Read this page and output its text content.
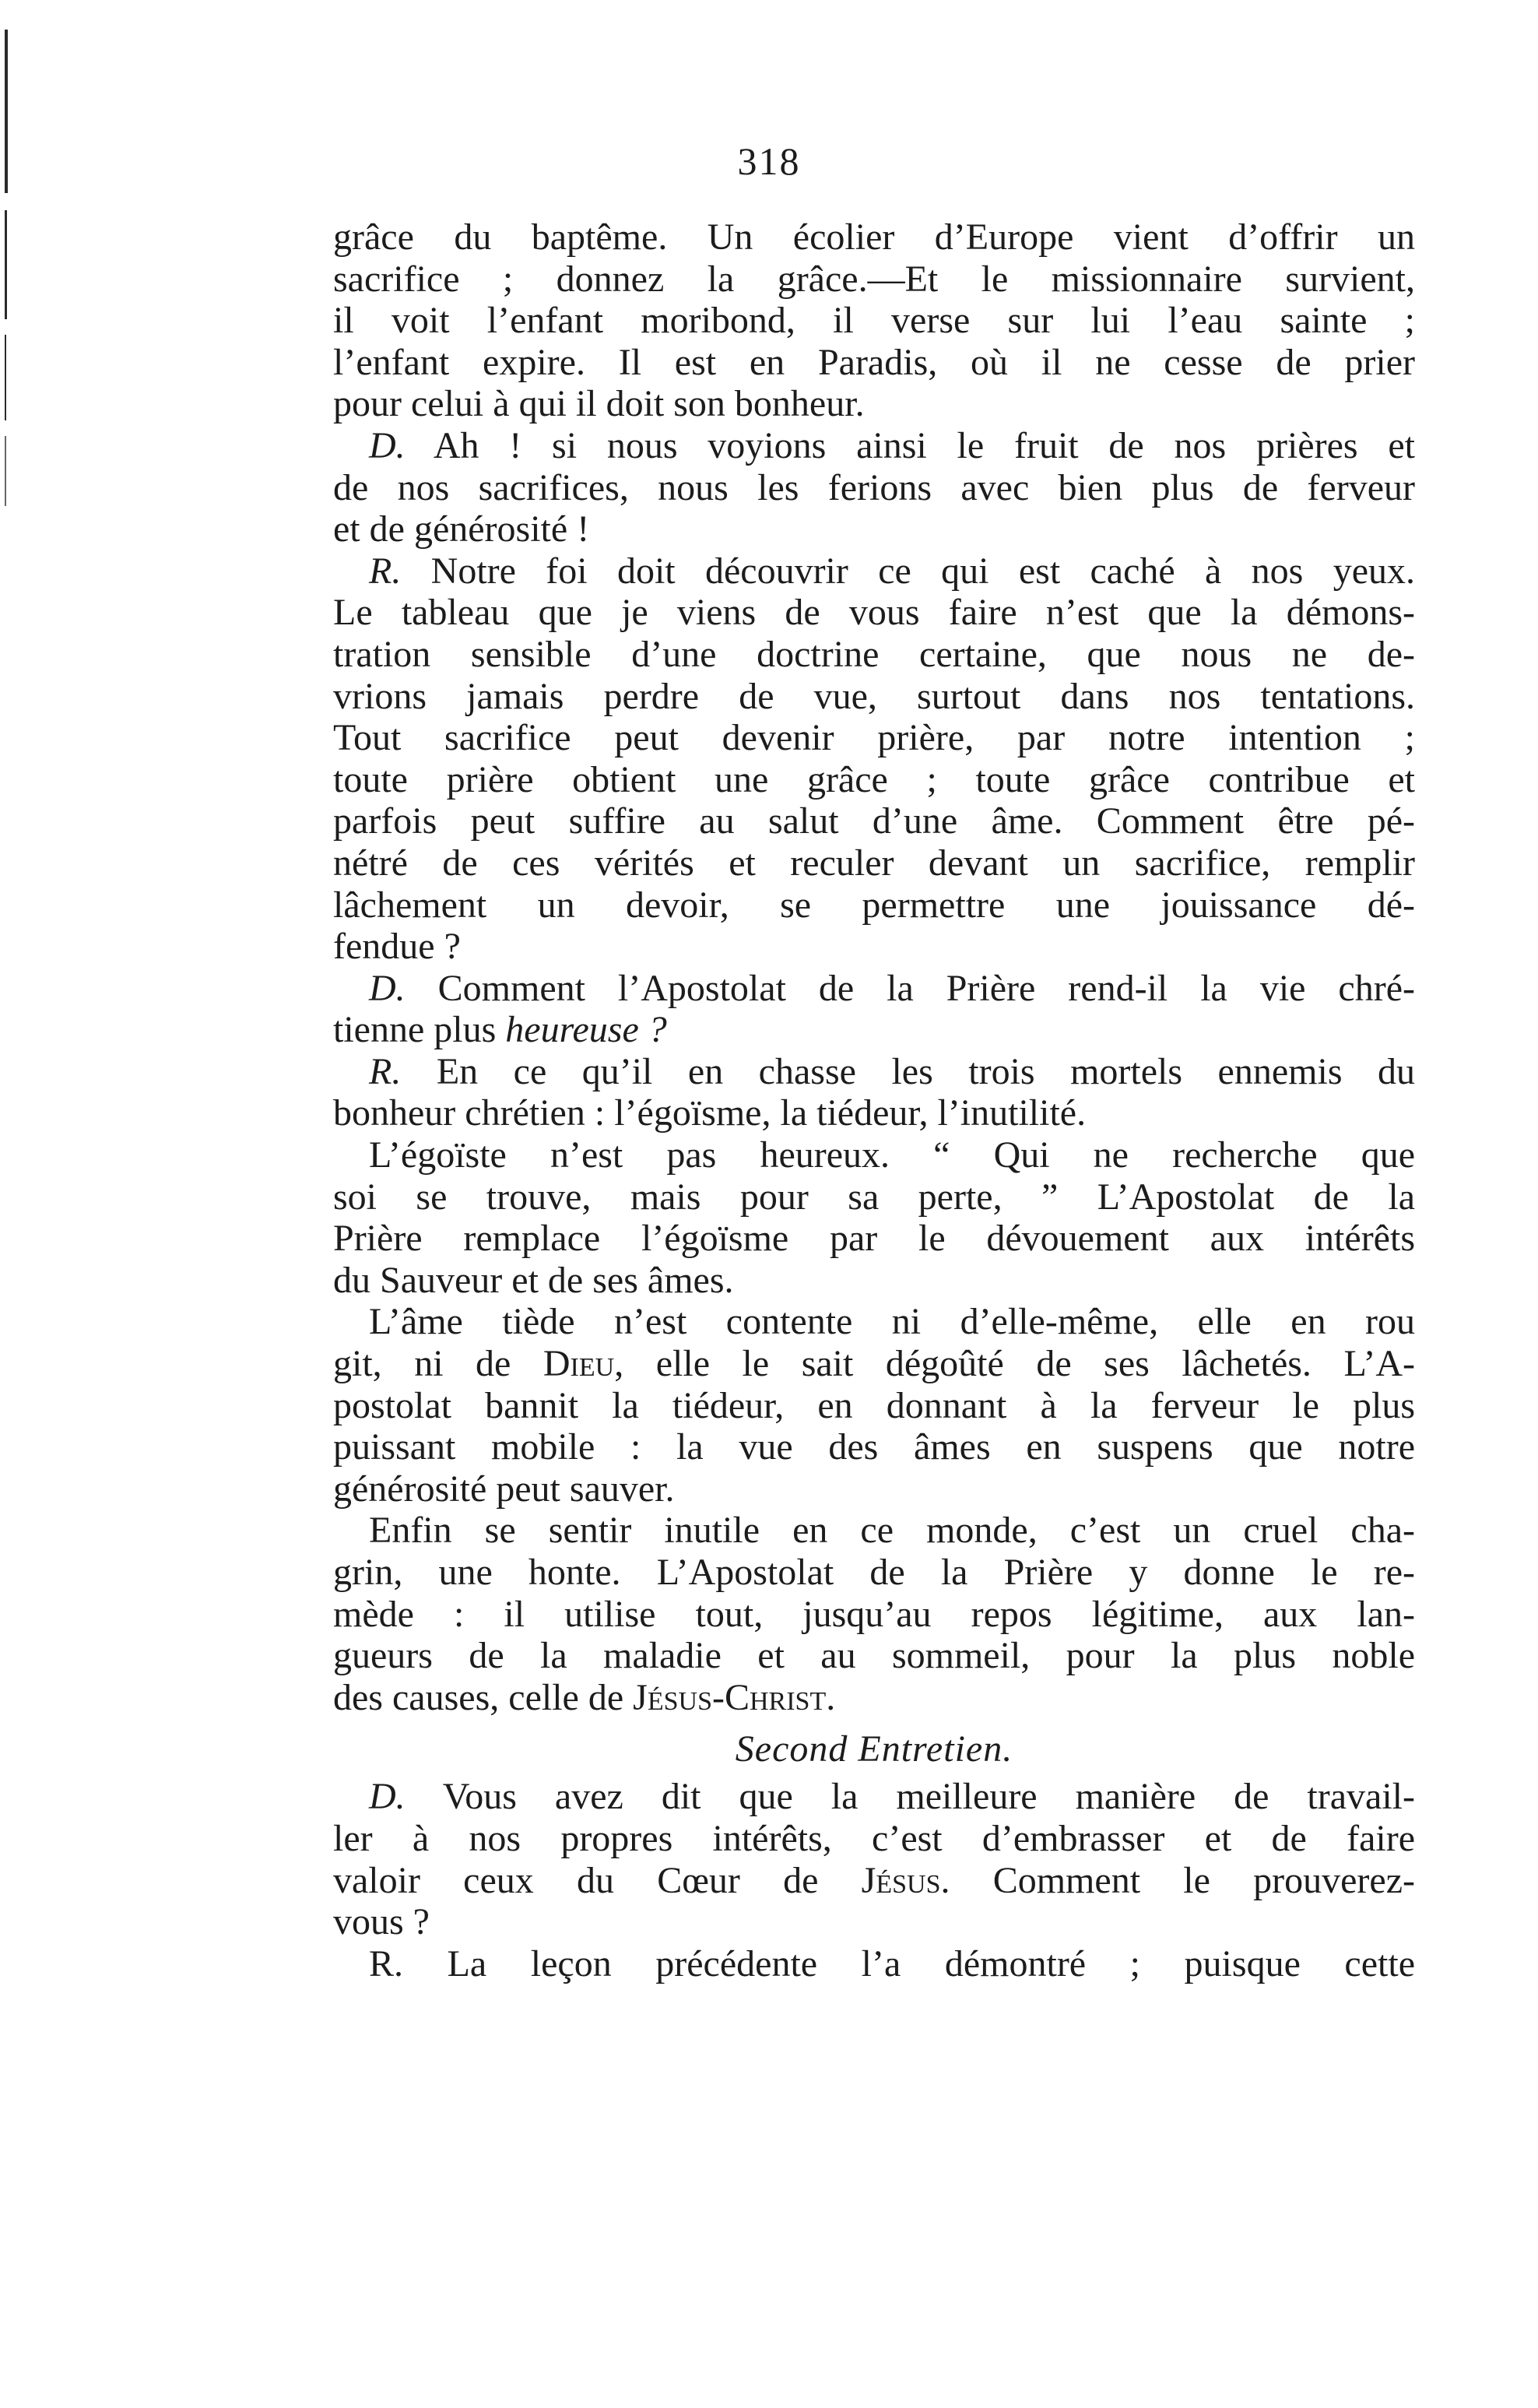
318
grâce du baptême. Un écolier d’Europe vient d’offrir un
sacrifice ; donnez la grâce.—Et le missionnaire survient,
il voit l’enfant moribond, il verse sur lui l’eau sainte ;
l’enfant expire. Il est en Paradis, où il ne cesse de prier
pour celui à qui il doit son bonheur.
D. Ah ! si nous voyions ainsi le fruit de nos prières et
de nos sacrifices, nous les ferions avec bien plus de ferveur
et de générosité !
R. Notre foi doit découvrir ce qui est caché à nos yeux.
Le tableau que je viens de vous faire n’est que la démons-
tration sensible d’une doctrine certaine, que nous ne de-
vrions jamais perdre de vue, surtout dans nos tentations.
Tout sacrifice peut devenir prière, par notre intention ;
toute prière obtient une grâce ; toute grâce contribue et
parfois peut suffire au salut d’une âme. Comment être pé-
nétré de ces vérités et reculer devant un sacrifice, remplir
lâchement un devoir, se permettre une jouissance dé-
fendue ?
D. Comment l’Apostolat de la Prière rend-il la vie chré-
tienne plus heureuse ?
R. En ce qu’il en chasse les trois mortels ennemis du
bonheur chrétien : l’égoïsme, la tiédeur, l’inutilité.
L’égoïste n’est pas heureux. “ Qui ne recherche que
soi se trouve, mais pour sa perte, ” L’Apostolat de la
Prière remplace l’égoïsme par le dévouement aux intérêts
du Sauveur et de ses âmes.
L’âme tiède n’est contente ni d’elle-même, elle en rou
git, ni de Dieu, elle le sait dégoûté de ses lâchetés. L’A-
postolat bannit la tiédeur, en donnant à la ferveur le plus
puissant mobile : la vue des âmes en suspens que notre
générosité peut sauver.
Enfin se sentir inutile en ce monde, c’est un cruel cha-
grin, une honte. L’Apostolat de la Prière y donne le re-
mède : il utilise tout, jusqu’au repos légitime, aux lan-
gueurs de la maladie et au sommeil, pour la plus noble
des causes, celle de Jésus-Christ.
Second Entretien.
D. Vous avez dit que la meilleure manière de travail-
ler à nos propres intérêts, c’est d’embrasser et de faire
valoir ceux du Cœur de Jésus. Comment le prouverez-
vous ?
R. La leçon précédente l’a démontré ; puisque cette
